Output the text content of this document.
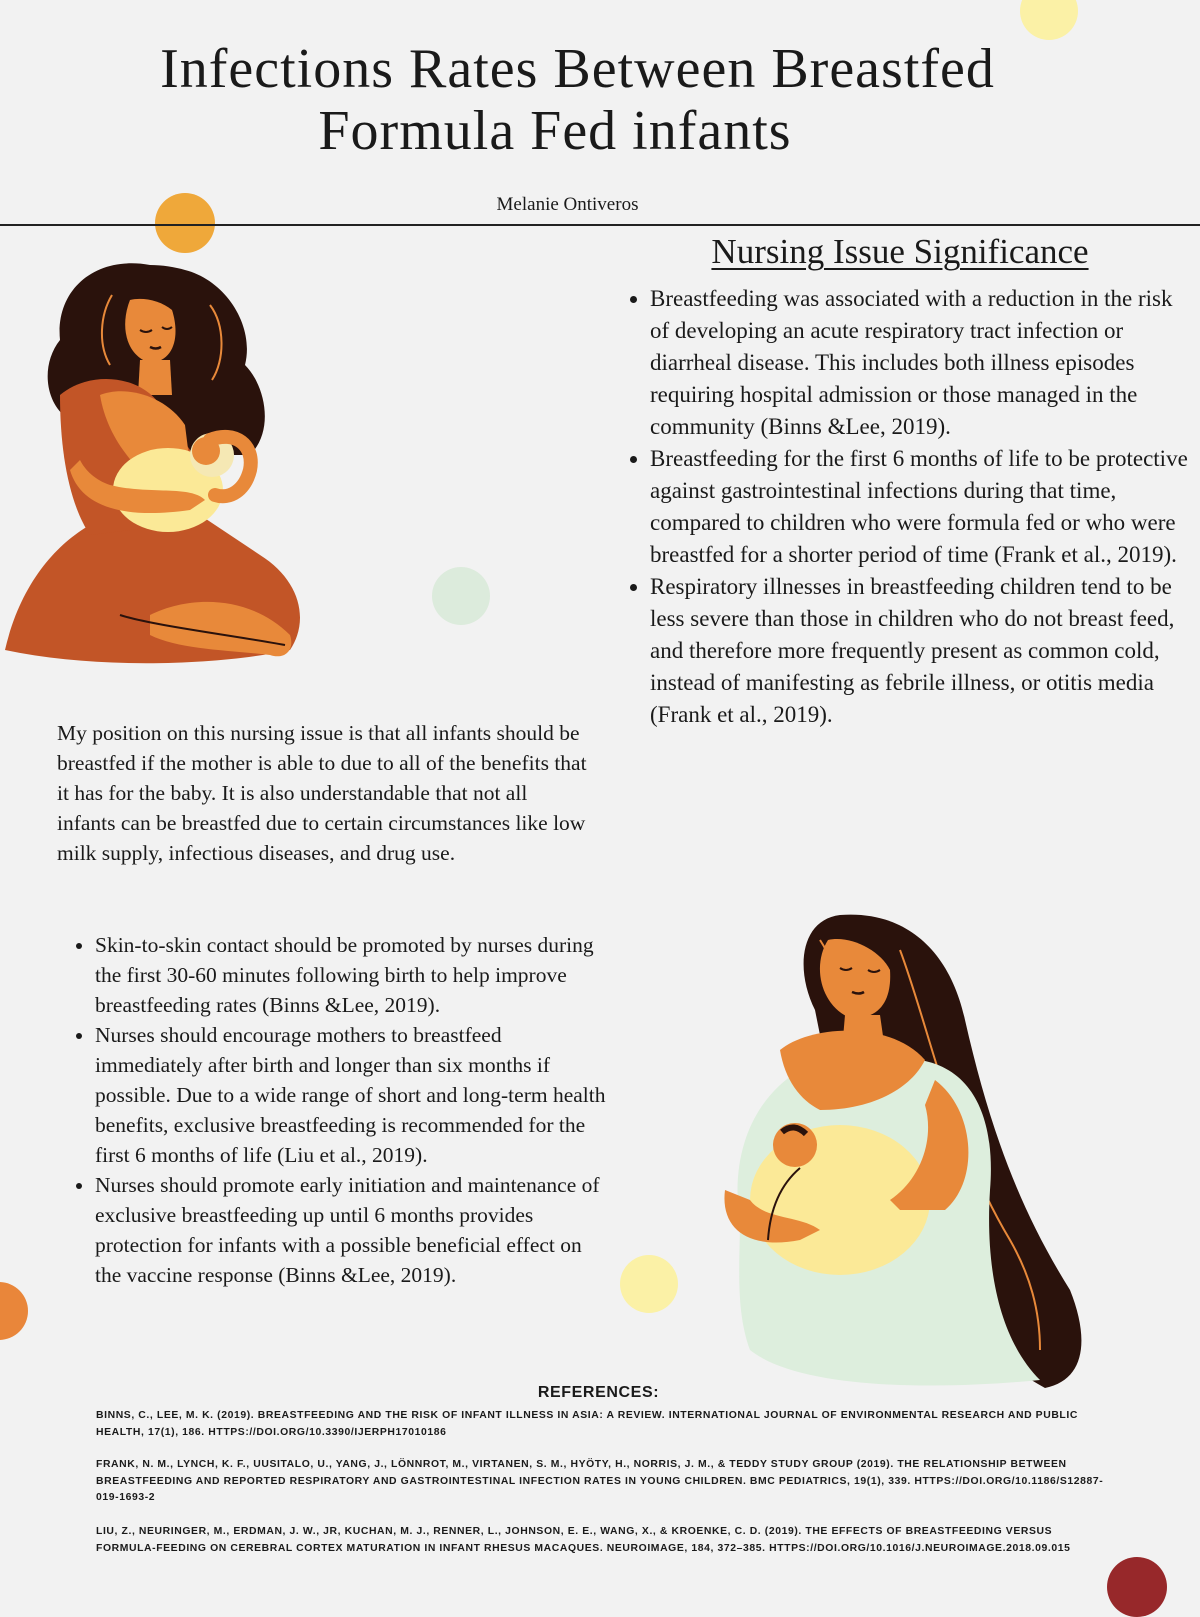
Infections Rates Between Breastfed
Formula Fed infants
Melanie Ontiveros
Nursing Issue Significance
• Breastfeeding was associated with a reduction in the risk of developing an acute respiratory tract infection or diarrheal disease. This includes both illness episodes requiring hospital admission or those managed in the community (Binns &Lee, 2019).
• Breastfeeding for the first 6 months of life to be protective against gastrointestinal infections during that time, compared to children who were formula fed or who were breastfed for a shorter period of time (Frank et al., 2019).
• Respiratory illnesses in breastfeeding children tend to be less severe than those in children who do not breast feed, and therefore more frequently present as common cold, instead of manifesting as febrile illness, or otitis media (Frank et al., 2019).

My position on this nursing issue is that all infants should be breastfed if the mother is able to due to all of the benefits that it has for the baby. It is also understandable that not all infants can be breastfed due to certain circumstances like low milk supply, infectious diseases, and drug use.

• Skin-to-skin contact should be promoted by nurses during the first 30-60 minutes following birth to help improve breastfeeding rates (Binns &Lee, 2019).
• Nurses should encourage mothers to breastfeed immediately after birth and longer than six months if possible. Due to a wide range of short and long-term health benefits, exclusive breastfeeding is recommended for the first 6 months of life (Liu et al., 2019).
• Nurses should promote early initiation and maintenance of exclusive breastfeeding up until 6 months provides protection for infants with a possible beneficial effect on the vaccine response (Binns &Lee, 2019).
REFERENCES:

BINNS, C., LEE, M. K. (2019). BREASTFEEDING AND THE RISK OF INFANT ILLNESS IN ASIA: A REVIEW. INTERNATIONAL JOURNAL OF ENVIRONMENTAL RESEARCH AND PUBLIC HEALTH, 17(1), 186. HTTPS://DOI.ORG/10.3390/IJERPH17010186

FRANK, N. M., LYNCH, K. F., UUSITALO, U., YANG, J., LÖNNROT, M., VIRTANEN, S. M., HYÖTY, H., NORRIS, J. M., & TEDDY STUDY GROUP (2019). THE RELATIONSHIP BETWEEN BREASTFEEDING AND REPORTED RESPIRATORY AND GASTROINTESTINAL INFECTION RATES IN YOUNG CHILDREN. BMC PEDIATRICS, 19(1), 339. HTTPS://DOI.ORG/10.1186/S12887-019-1693-2

LIU, Z., NEURINGER, M., ERDMAN, J. W., JR, KUCHAN, M. J., RENNER, L., JOHNSON, E. E., WANG, X., & KROENKE, C. D. (2019). THE EFFECTS OF BREASTFEEDING VERSUS FORMULA-FEEDING ON CEREBRAL CORTEX MATURATION IN INFANT RHESUS MACAQUES. NEUROIMAGE, 184, 372–385. HTTPS://DOI.ORG/10.1016/J.NEUROIMAGE.2018.09.015
